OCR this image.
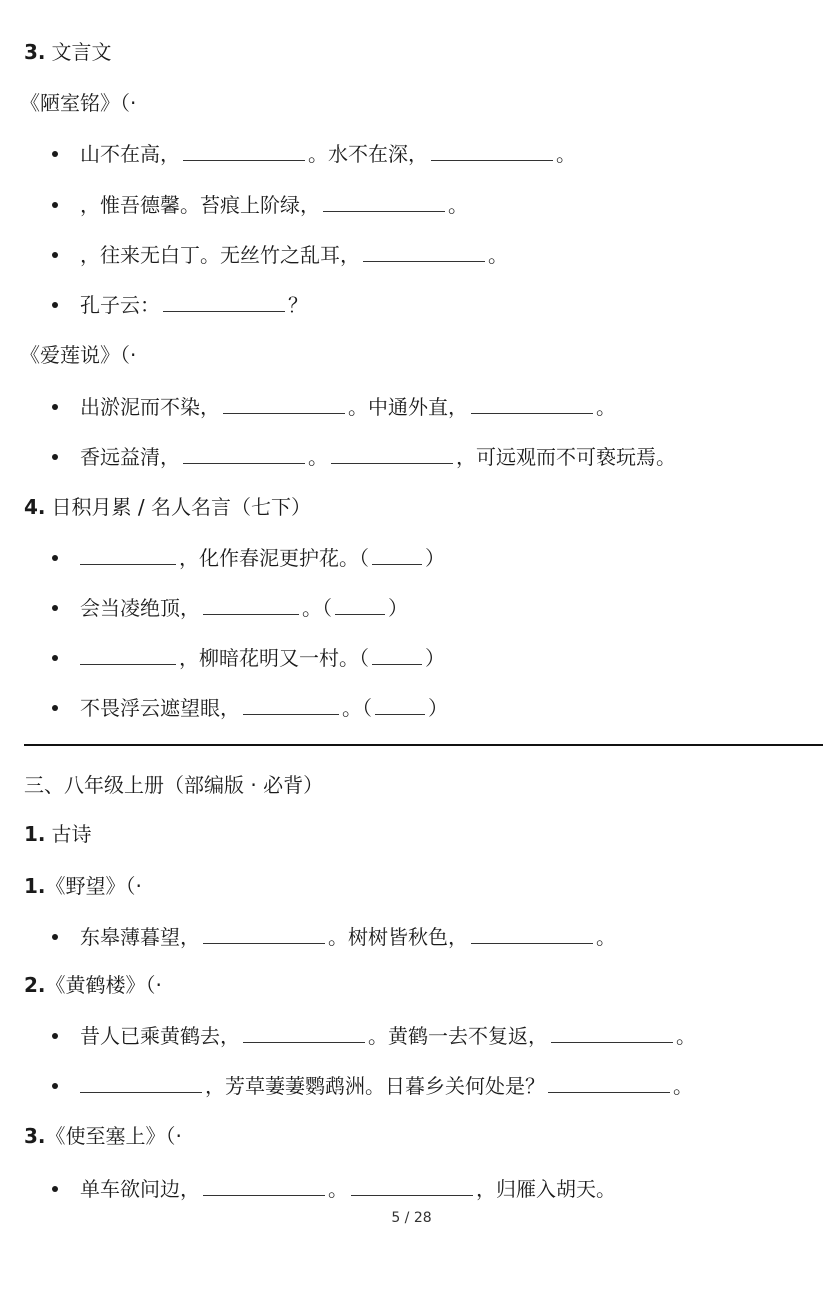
3. 文言文
《陋室铭》（·
山不在高，	。水不在深，	。
，惟吾德馨。苔痕上阶绿，	。
，往来无白丁。无丝竹之乱耳，	。
孔子云：	？
《爱莲说》（·
出淤泥而不染，	。中通外直，	。
香远益清，	。	，可远观而不可亵玩焉。
4. 日积月累 / 名人名言（七下）
，化作春泥更护花。（	）
会当凌绝顶，	。（	）
，柳暗花明又一村。（	）
不畏浮云遮望眼，	。（	）
三、八年级上册（部编版 · 必背）
1. 古诗
1.《野望》（·
东皋薄暮望，	。树树皆秋色，	。
2.《黄鹤楼》（·
昔人已乘黄鹤去，	。黄鹤一去不复返，	。
，芳草萋萋鹦鹉洲。日暮乡关何处是？	。
3.《使至塞上》（·
单车欲问边，	。	，归雁入胡天。
5 / 28
